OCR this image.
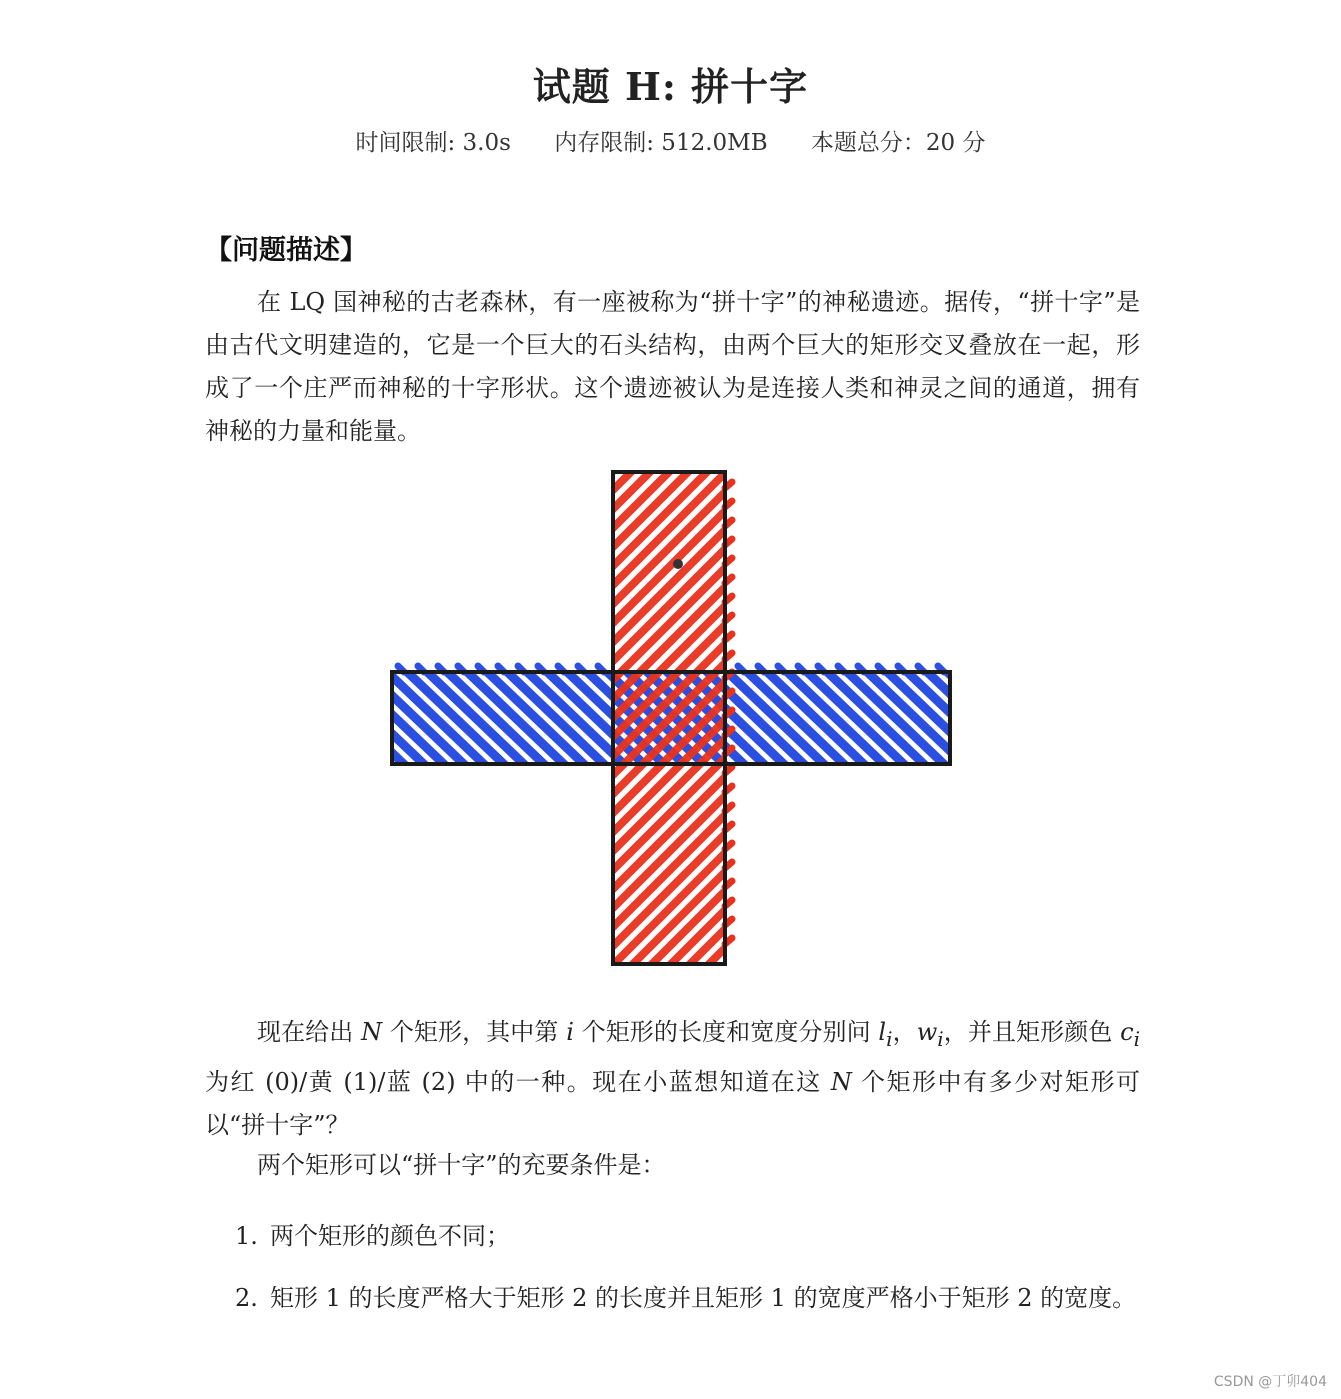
试题 H: 拼十字
时间限制: 3.0s 内存限制: 512.0MB 本题总分：20 分
【问题描述】

在 LQ 国神秘的古老森林，有一座被称为“拼十字”的神秘遗迹。据传，“拼十字”是由古代文明建造的，它是一个巨大的石头结构，由两个巨大的矩形交叉叠放在一起，形成了一个庄严而神秘的十字形状。这个遗迹被认为是连接人类和神灵之间的通道，拥有神秘的力量和能量。

现在给出 N 个矩形，其中第 i 个矩形的长度和宽度分别问 $l_i$，$w_i$，并且矩形颜色 $c_i$ 为红 (0)/黄 (1)/蓝 (2) 中的一种。现在小蓝想知道在这 N 个矩形中有多少对矩形可以“拼十字”？

两个矩形可以“拼十字”的充要条件是：

1. 两个矩形的颜色不同；
2. 矩形 1 的长度严格大于矩形 2 的长度并且矩形 1 的宽度严格小于矩形 2 的宽度。
CSDN @丁卯404
